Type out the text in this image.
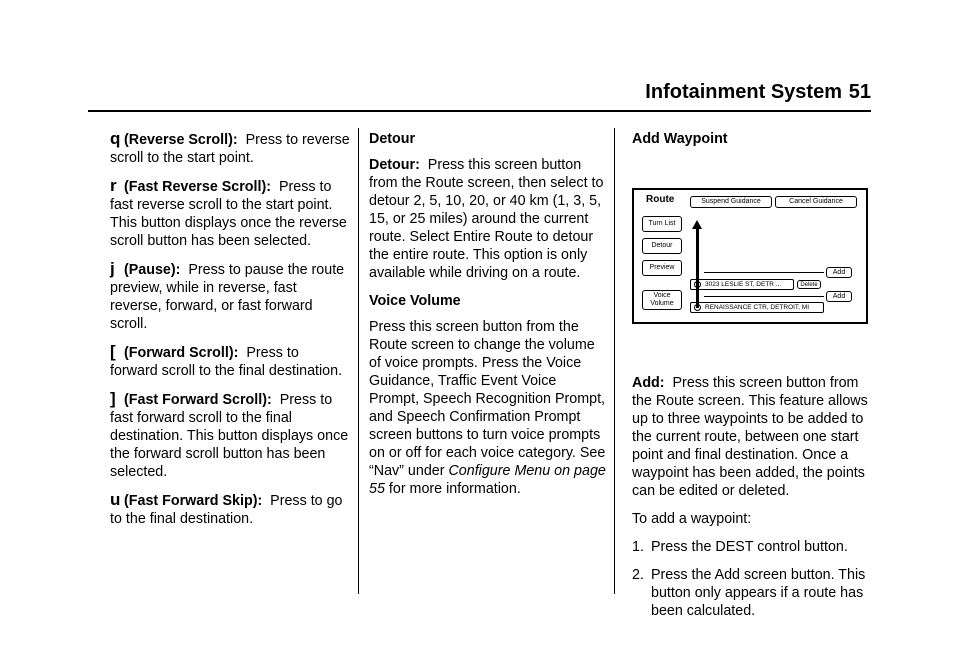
Infotainment System

q (Reverse Scroll): Press to reverse scroll to the start point.

r (Fast Reverse Scroll): Press to fast reverse scroll to the start point. This button displays once the reverse scroll button has been selected.

j (Pause): Press to pause the route preview, while in reverse, fast reverse, forward, or fast forward scroll.

[ (Forward Scroll): Press to forward scroll to the final destination.

] (Fast Forward Scroll): Press to fast forward scroll to the final destination. This button displays once the forward scroll button has been selected.

u (Fast Forward Skip): Press to go to the final destination.

Detour

Detour: Press this screen button from the Route screen, then select to detour 2, 5, 10, 20, or 40 km (1, 3, 5, 15, or 25 miles) around the current route. Select Entire Route to detour the entire route. This option is only available while driving on a route.

Voice Volume

Press this screen button from the Route screen to change the volume of voice prompts. Press the Voice Guidance, Traffic Event Voice Prompt, Speech Recognition Prompt, and Speech Confirmation Prompt screen buttons to turn voice prompts on or off for each voice category. See “Nav” under Configure Menu on page 55 for more information.

Add Waypoint
Route	Suspend Guidance	Cancel Guidance
Turn List
Detour
Preview
Voice Volume
Add
3023 LESLIE ST, DETR ...	Delete
Add
RENAISSANCE CTR, DETROIT, MI

Add: Press this screen button from the Route screen. This feature allows up to three waypoints to be added to the current route, between one start point and final destination. Once a waypoint has been added, the points can be edited or deleted.

To add a waypoint:

1. Press the DEST control button.
2. Press the Add screen button. This button only appears if a route has been calculated.
51
